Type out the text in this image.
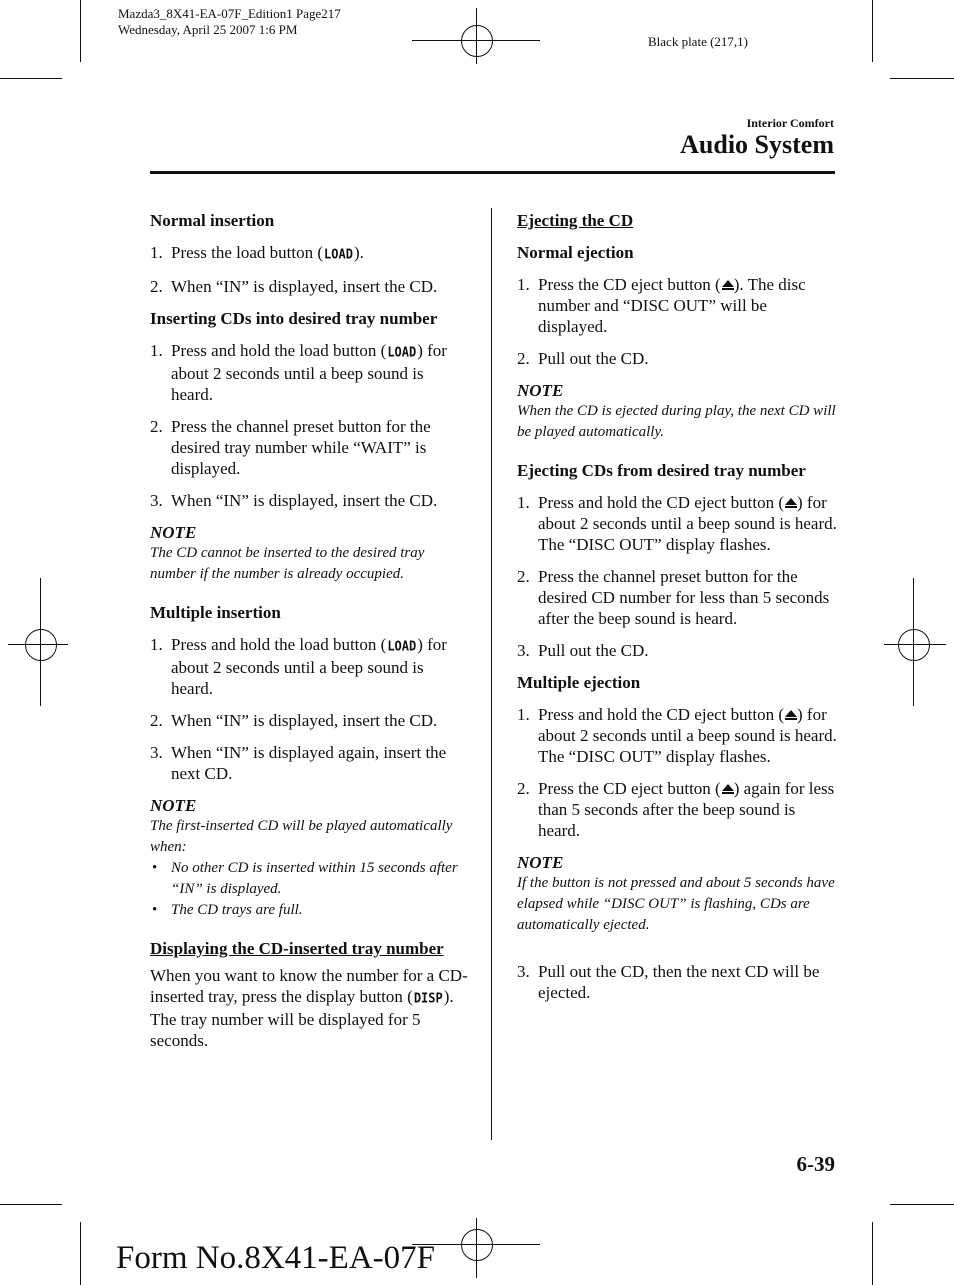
Mazda3_8X41-EA-07F_Edition1 Page217
Wednesday, April 25 2007 1:6 PM
Black plate (217,1)
Interior Comfort
Audio System
Normal insertion
1. Press the load button (LOAD).
2. When “IN” is displayed, insert the CD.
Inserting CDs into desired tray number
1. Press and hold the load button (LOAD) for about 2 seconds until a beep sound is heard.
2. Press the channel preset button for the desired tray number while “WAIT” is displayed.
3. When “IN” is displayed, insert the CD.
NOTE
The CD cannot be inserted to the desired tray number if the number is already occupied.
Multiple insertion
1. Press and hold the load button (LOAD) for about 2 seconds until a beep sound is heard.
2. When “IN” is displayed, insert the CD.
3. When “IN” is displayed again, insert the next CD.
NOTE
The first-inserted CD will be played automatically when:
• No other CD is inserted within 15 seconds after “IN” is displayed.
• The CD trays are full.
Displaying the CD-inserted tray number

When you want to know the number for a CD-inserted tray, press the display button (DISP). The tray number will be displayed for 5 seconds.

Ejecting the CD
Normal ejection
1. Press the CD eject button ( ). The disc number and “DISC OUT” will be displayed.
2. Pull out the CD.
NOTE
When the CD is ejected during play, the next CD will be played automatically.
Ejecting CDs from desired tray number
1. Press and hold the CD eject button ( ) for about 2 seconds until a beep sound is heard.
The “DISC OUT” display flashes.
2. Press the channel preset button for the desired CD number for less than 5 seconds after the beep sound is heard.
3. Pull out the CD.
Multiple ejection
1. Press and hold the CD eject button ( ) for about 2 seconds until a beep sound is heard.
The “DISC OUT” display flashes.
2. Press the CD eject button ( ) again for less than 5 seconds after the beep sound is heard.
NOTE
If the button is not pressed and about 5 seconds have elapsed while “DISC OUT” is flashing, CDs are automatically ejected.
3. Pull out the CD, then the next CD will be ejected.
6-39
Form No.8X41-EA-07F
